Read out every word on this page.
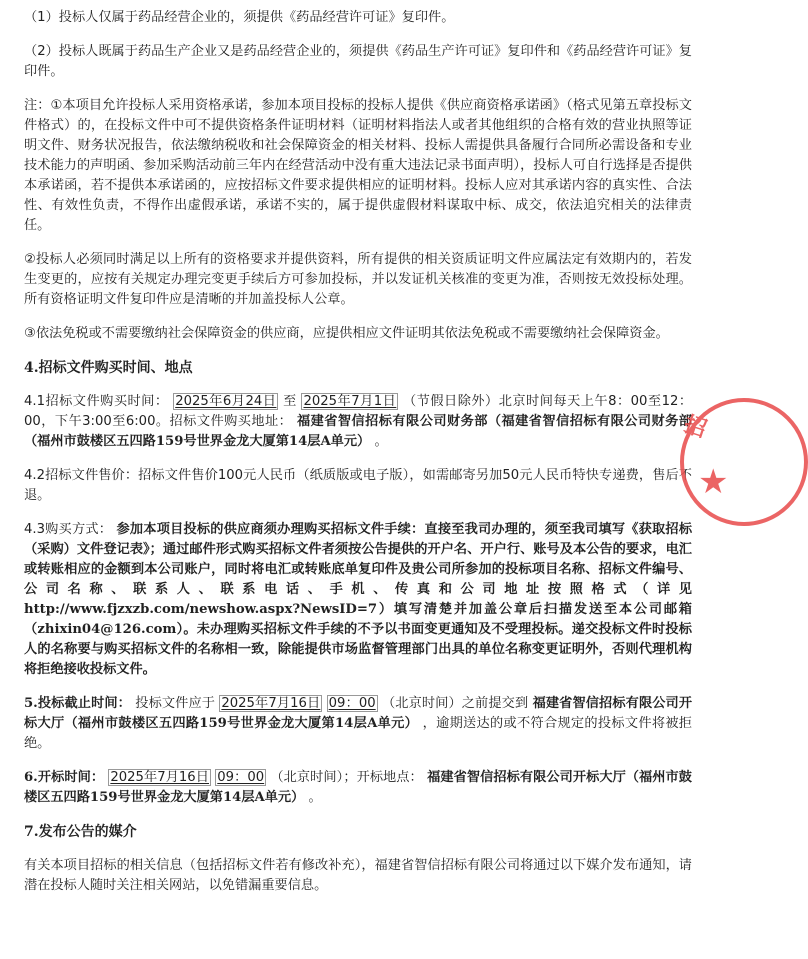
（1）投标人仅属于药品经营企业的，须提供《药品经营许可证》复印件。

（2）投标人既属于药品生产企业又是药品经营企业的，须提供《药品生产许可证》复印件和《药品经营许可证》复印件。

注：①本项目允许投标人采用资格承诺，参加本项目投标的投标人提供《供应商资格承诺函》（格式见第五章投标文件格式）的，在投标文件中可不提供资格条件证明材料（证明材料指法人或者其他组织的合格有效的营业执照等证明文件、财务状况报告，依法缴纳税收和社会保障资金的相关材料、投标人需提供具备履行合同所必需设备和专业技术能力的声明函、参加采购活动前三年内在经营活动中没有重大违法记录书面声明），投标人可自行选择是否提供本承诺函，若不提供本承诺函的，应按招标文件要求提供相应的证明材料。投标人应对其承诺内容的真实性、合法性、有效性负责，不得作出虚假承诺，承诺不实的，属于提供虚假材料谋取中标、成交，依法追究相关的法律责任。

②投标人必须同时满足以上所有的资格要求并提供资料，所有提供的相关资质证明文件应属法定有效期内的，若发生变更的，应按有关规定办理完变更手续后方可参加投标，并以发证机关核准的变更为准，否则按无效投标处理。所有资格证明文件复印件应是清晰的并加盖投标人公章。

③依法免税或不需要缴纳社会保障资金的供应商，应提供相应文件证明其依法免税或不需要缴纳社会保障资金。

4.招标文件购买时间、地点

4.1招标文件购买时间： 2025年6月24日 至 2025年7月1日 （节假日除外）北京时间每天上午8：00至12：00，下午3:00至6:00。招标文件购买地址： 福建省智信招标有限公司财务部（福建省智信招标有限公司财务部（福州市鼓楼区五四路159号世界金龙大厦第14层A单元） 。

4.2招标文件售价：招标文件售价100元人民币（纸质版或电子版），如需邮寄另加50元人民币特快专递费，售后不退。

4.3购买方式： 参加本项目投标的供应商须办理购买招标文件手续：直接至我司办理的，须至我司填写《获取招标（采购）文件登记表》；通过邮件形式购买招标文件者须按公告提供的开户名、开户行、账号及本公告的要求，电汇或转账相应的金额到本公司账户，同时将电汇或转账底单复印件及贵公司所参加的投标项目名称、招标文件编号、公司名称、联系人、联系电话、手机、传真和公司地址按照格式（详见http://www.fjzxzb.com/newshow.aspx?NewsID=7）填写清楚并加盖公章后扫描发送至本公司邮箱（zhixin04@126.com）。未办理购买招标文件手续的不予以书面变更通知及不受理投标。递交投标文件时投标人的名称要与购买招标文件的名称相一致，除能提供市场监督管理部门出具的单位名称变更证明外，否则代理机构将拒绝接收投标文件。

5.投标截止时间： 投标文件应于 2025年7月16日 09：00 （北京时间）之前提交到 福建省智信招标有限公司开标大厅（福州市鼓楼区五四路159号世界金龙大厦第14层A单元） ，逾期送达的或不符合规定的投标文件将被拒绝。

6.开标时间： 2025年7月16日 09：00 （北京时间）；开标地点： 福建省智信招标有限公司开标大厅（福州市鼓楼区五四路159号世界金龙大厦第14层A单元） 。

7.发布公告的媒介

有关本项目招标的相关信息（包括招标文件若有修改补充），福建省智信招标有限公司将通过以下媒介发布通知，请潜在投标人随时关注相关网站，以免错漏重要信息。

招
★
